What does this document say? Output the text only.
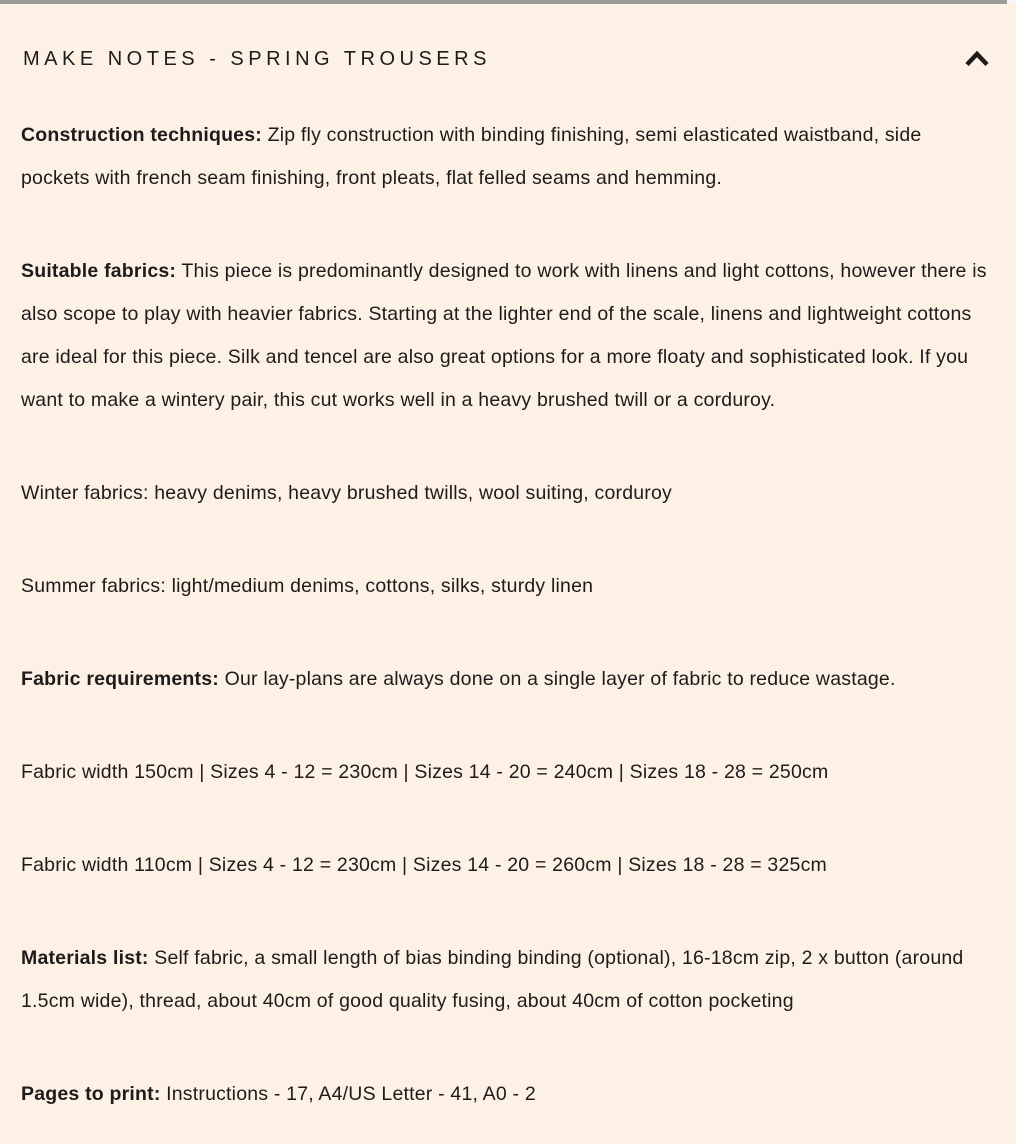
MAKE NOTES - SPRING TROUSERS

Construction techniques: Zip fly construction with binding finishing, semi elasticated waistband, side pockets with french seam finishing, front pleats, flat felled seams and hemming.

Suitable fabrics: This piece is predominantly designed to work with linens and light cottons, however there is also scope to play with heavier fabrics. Starting at the lighter end of the scale, linens and lightweight cottons are ideal for this piece. Silk and tencel are also great options for a more floaty and sophisticated look. If you want to make a wintery pair, this cut works well in a heavy brushed twill or a corduroy.

Winter fabrics: heavy denims, heavy brushed twills, wool suiting, corduroy

Summer fabrics: light/medium denims, cottons, silks, sturdy linen

Fabric requirements: Our lay-plans are always done on a single layer of fabric to reduce wastage.

Fabric width 150cm | Sizes 4 - 12 = 230cm | Sizes 14 - 20 = 240cm | Sizes 18 - 28 = 250cm

Fabric width 110cm | Sizes 4 - 12 = 230cm | Sizes 14 - 20 = 260cm | Sizes 18 - 28 = 325cm

Materials list: Self fabric, a small length of bias binding binding (optional), 16-18cm zip, 2 x button (around 1.5cm wide), thread, about 40cm of good quality fusing, about 40cm of cotton pocketing

Pages to print: Instructions - 17, A4/US Letter - 41, A0 - 2
